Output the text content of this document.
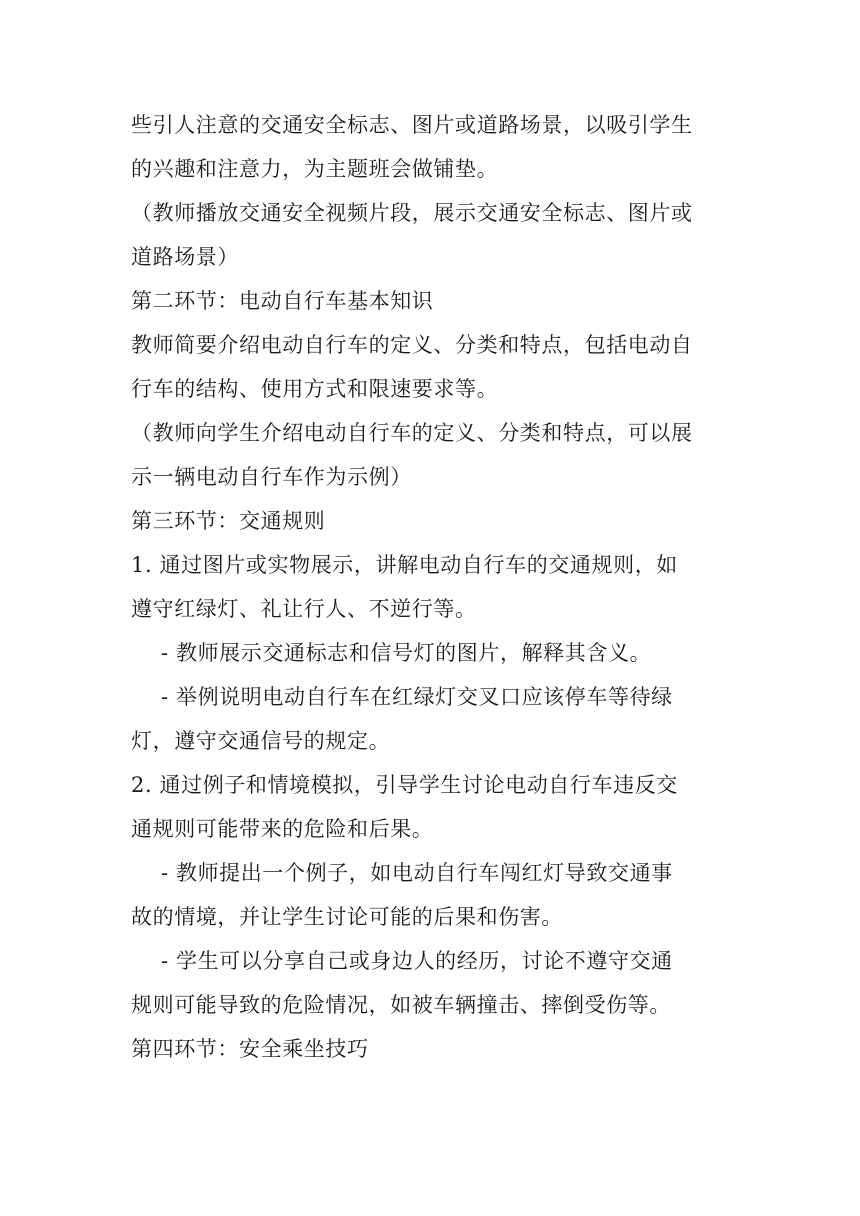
些引人注意的交通安全标志、图片或道路场景，以吸引学生
的兴趣和注意力，为主题班会做铺垫。
（教师播放交通安全视频片段，展示交通安全标志、图片或
道路场景）
第二环节：电动自行车基本知识
教师简要介绍电动自行车的定义、分类和特点，包括电动自
行车的结构、使用方式和限速要求等。
（教师向学生介绍电动自行车的定义、分类和特点，可以展
示一辆电动自行车作为示例）
第三环节：交通规则
1. 通过图片或实物展示，讲解电动自行车的交通规则，如
遵守红绿灯、礼让行人、不逆行等。
- 教师展示交通标志和信号灯的图片，解释其含义。
- 举例说明电动自行车在红绿灯交叉口应该停车等待绿
灯，遵守交通信号的规定。
2. 通过例子和情境模拟，引导学生讨论电动自行车违反交
通规则可能带来的危险和后果。
- 教师提出一个例子，如电动自行车闯红灯导致交通事
故的情境，并让学生讨论可能的后果和伤害。
- 学生可以分享自己或身边人的经历，讨论不遵守交通
规则可能导致的危险情况，如被车辆撞击、摔倒受伤等。
第四环节：安全乘坐技巧
